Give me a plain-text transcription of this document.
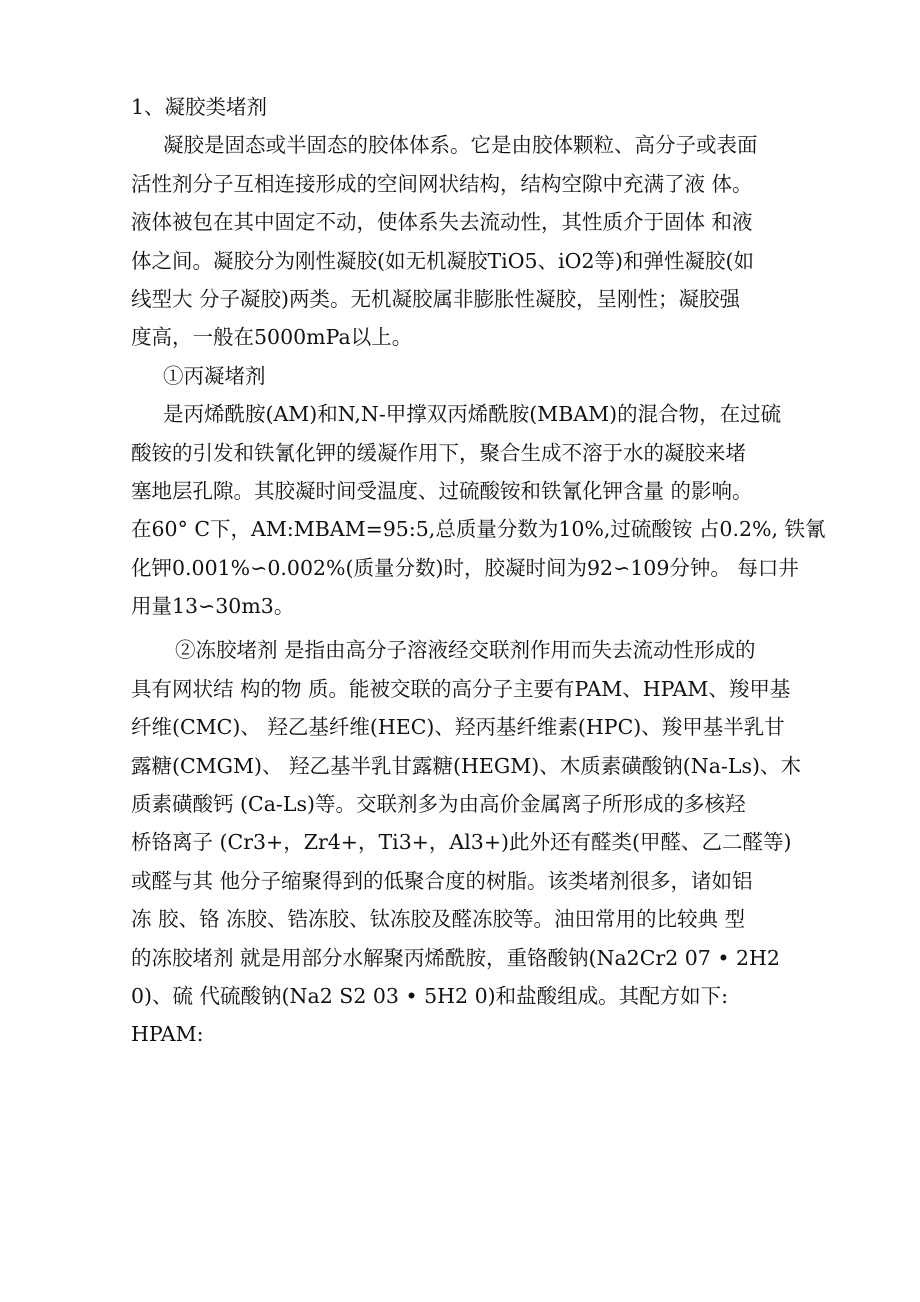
1、凝胶类堵剂
凝胶是固态或半固态的胶体体系。它是由胶体颗粒、高分子或表面
活性剂分子互相连接形成的空间网状结构，结构空隙中充满了液 体。
液体被包在其中固定不动，使体系失去流动性，其性质介于固体 和液
体之间。凝胶分为刚性凝胶(如无机凝胶TiO5、iO2等)和弹性凝胶(如
线型大 分子凝胶)两类。无机凝胶属非膨胀性凝胶，呈刚性；凝胶强
度高，一般在5000mPa以上。
①丙凝堵剂
是丙烯酰胺(AM)和N,N-甲撑双丙烯酰胺(MBAM)的混合物，在过硫
酸铵的引发和铁氰化钾的缓凝作用下，聚合生成不溶于水的凝胶来堵
塞地层孔隙。其胶凝时间受温度、过硫酸铵和铁氰化钾含量 的影响。
在60° C下，AM:MBAM=95:5,总质量分数为10%,过硫酸铵 占0.2%, 铁氰
化钾0.001%∽0.002%(质量分数)时，胶凝时间为92∽109分钟。 每口井
用量13∽30m3。
②冻胶堵剂 是指由高分子溶液经交联剂作用而失去流动性形成的
具有网状结 构的物 质。能被交联的高分子主要有PAM、HPAM、羧甲基
纤维(CMC)、 羟乙基纤维(HEC)、羟丙基纤维素(HPC)、羧甲基半乳甘
露糖(CMGM)、 羟乙基半乳甘露糖(HEGM)、木质素磺酸钠(Na-Ls)、木
质素磺酸钙 (Ca-Ls)等。交联剂多为由高价金属离子所形成的多核羟
桥铬离子 (Cr3+，Zr4+，Ti3+，Al3+)此外还有醛类(甲醛、乙二醛等)
或醛与其 他分子缩聚得到的低聚合度的树脂。该类堵剂很多，诸如铝
冻 胶、铬 冻胶、锆冻胶、钛冻胶及醛冻胶等。油田常用的比较典 型
的冻胶堵剂 就是用部分水解聚丙烯酰胺，重铬酸钠(Na2Cr2 07 • 2H2
0)、硫 代硫酸钠(Na2 S2 03 • 5H2 0)和盐酸组成。其配方如下:
HPAM:
